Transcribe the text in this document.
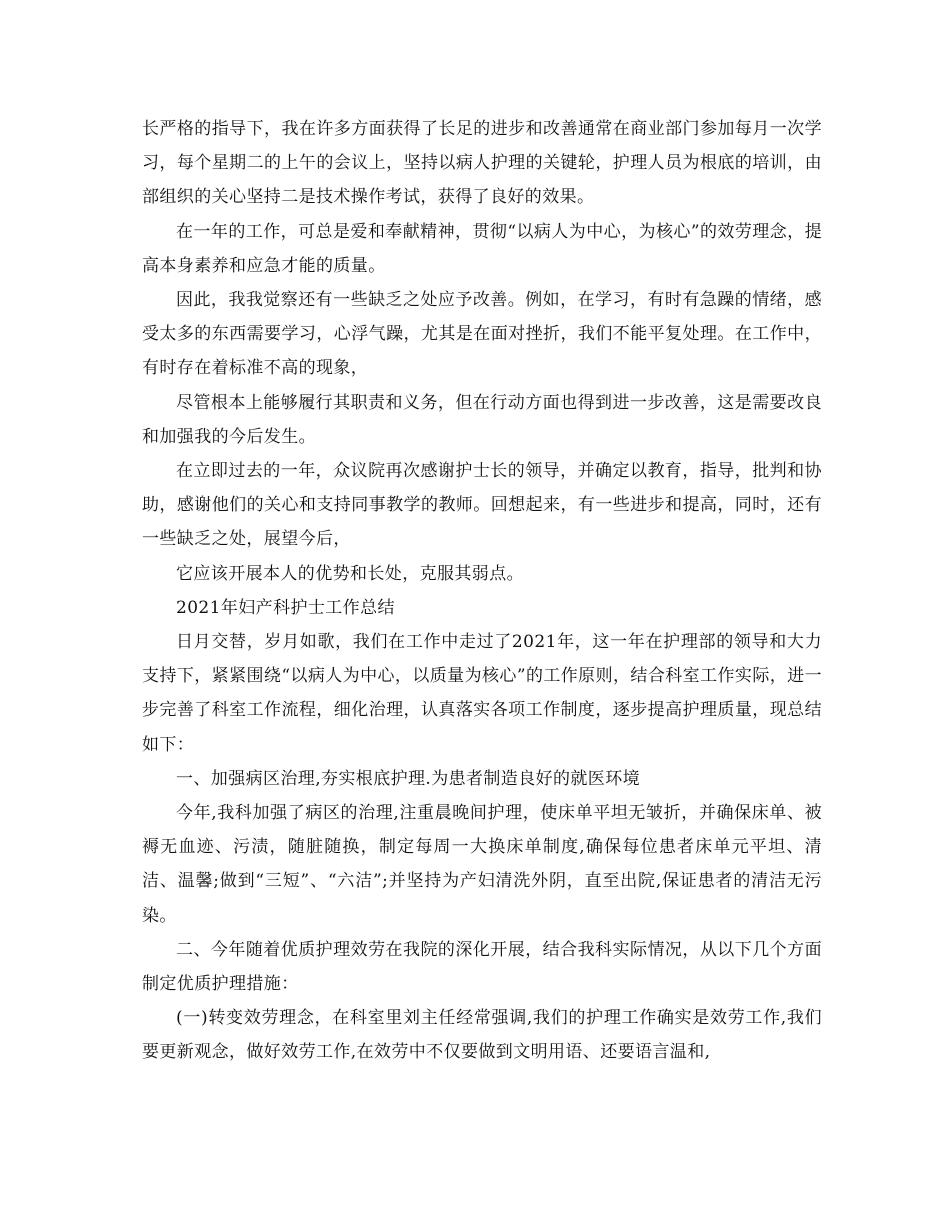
长严格的指导下，我在许多方面获得了长足的进步和改善通常在商业部门参加每月一次学习，每个星期二的上午的会议上，坚持以病人护理的关键轮，护理人员为根底的培训，由部组织的关心坚持二是技术操作考试，获得了良好的效果。

在一年的工作，可总是爱和奉献精神，贯彻“以病人为中心，为核心”的效劳理念，提高本身素养和应急才能的质量。

因此，我我觉察还有一些缺乏之处应予改善。例如，在学习，有时有急躁的情绪，感受太多的东西需要学习，心浮气躁，尤其是在面对挫折，我们不能平复处理。在工作中，有时存在着标准不高的现象，

尽管根本上能够履行其职责和义务，但在行动方面也得到进一步改善，这是需要改良和加强我的今后发生。

在立即过去的一年，众议院再次感谢护士长的领导，并确定以教育，指导，批判和协助，感谢他们的关心和支持同事教学的教师。回想起来，有一些进步和提高，同时，还有一些缺乏之处，展望今后，

它应该开展本人的优势和长处，克服其弱点。

2021年妇产科护士工作总结

日月交替，岁月如歌，我们在工作中走过了2021年，这一年在护理部的领导和大力支持下，紧紧围绕“以病人为中心，以质量为核心”的工作原则，结合科室工作实际，进一步完善了科室工作流程，细化治理，认真落实各项工作制度，逐步提高护理质量，现总结如下：

一、加强病区治理,夯实根底护理.为患者制造良好的就医环境

今年,我科加强了病区的治理,注重晨晚间护理，使床单平坦无皱折，并确保床单、被褥无血迹、污渍，随脏随换，制定每周一大换床单制度,确保每位患者床单元平坦、清洁、温馨;做到“三短”、“六洁”;并坚持为产妇清洗外阴，直至出院,保证患者的清洁无污染。

二、今年随着优质护理效劳在我院的深化开展，结合我科实际情况，从以下几个方面制定优质护理措施：

(一)转变效劳理念，在科室里刘主任经常强调,我们的护理工作确实是效劳工作,我们要更新观念，做好效劳工作,在效劳中不仅要做到文明用语、还要语言温和,
